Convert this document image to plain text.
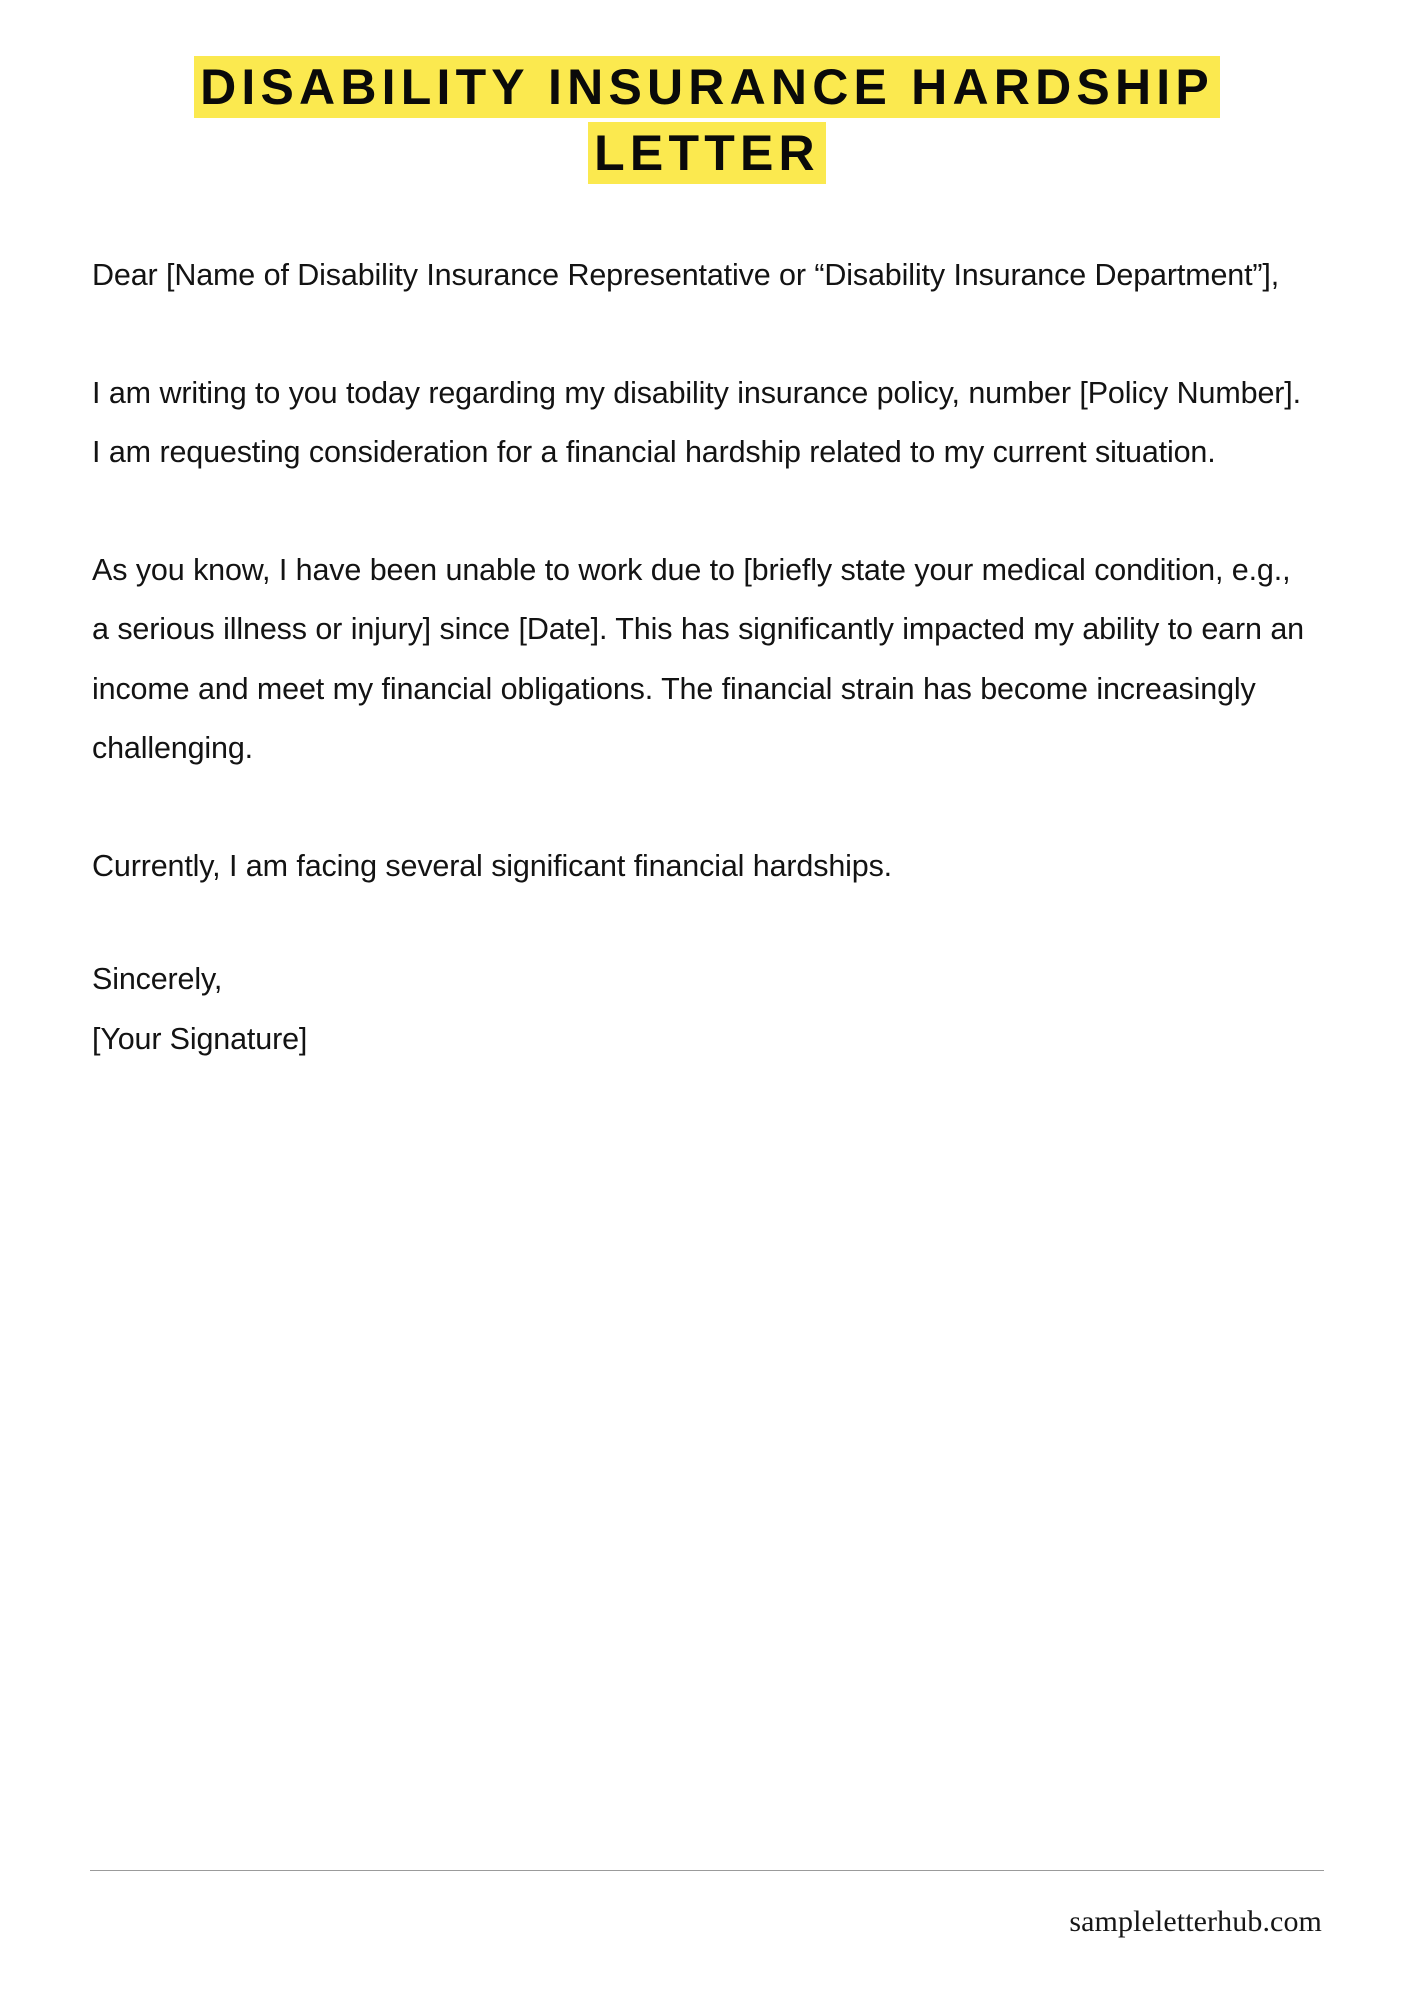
DISABILITY INSURANCE HARDSHIP LETTER

Dear [Name of Disability Insurance Representative or “Disability Insurance Department”],

I am writing to you today regarding my disability insurance policy, number [Policy Number]. I am requesting consideration for a financial hardship related to my current situation.

As you know, I have been unable to work due to [briefly state your medical condition, e.g., a serious illness or injury] since [Date]. This has significantly impacted my ability to earn an income and meet my financial obligations. The financial strain has become increasingly challenging.

Currently, I am facing several significant financial hardships.

Sincerely,
[Your Signature]
sampleletterhub.com
